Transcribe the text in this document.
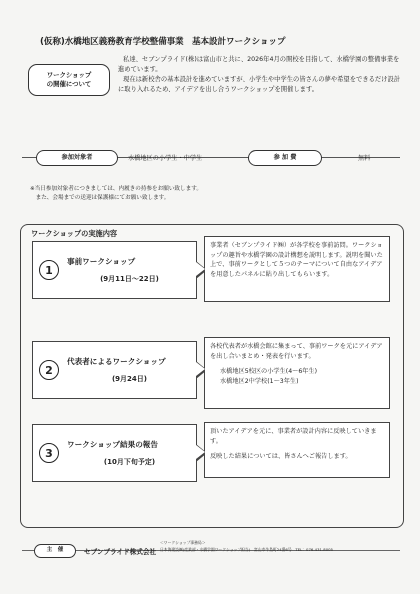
(仮称)水橋地区義務教育学校整備事業　基本設計ワークショップ
ワークショップ
の開催について

私達、セブンプライド(株)は富山市と共に、2026年4月の開校を目指して、水橋学園の整備事業を進めています。

現在は新校舎の基本設計を進めていますが、小学生や中学生の皆さんの夢や希望をできるだけ設計に取り入れるため、アイデアを出し合うワークショップを開催します。

参加対象者	水橋地区の小学生・中学生	参 加 費	無料
※当日参加対象者につきましては、内履きの持参をお願い致します。
　また、会場までの送迎は保護様にてお願い致します。
ワークショップの実施内容
1
事前ワークショップ
(9月11日～22日)

事業者（セブンプライド㈱）が各学校を事前訪問。ワークショップの趣旨や水橋学園の設計構想を説明します。説明を聞いた上で、事前ワークとして５つのテーマについて自由なアイデアを用意したパネルに貼り出してもらいます。

2
代表者によるワークショップ
(9月24日)

各校代表者が水橋会館に集まって、事前ワークを元にアイデアを出し合いまとめ・発表を行います。

水橋地区5校区の小学生(4～6年生)

水橋地区2中学校(1～3年生)

3
ワークショップ結果の報告
(10月下旬予定)

頂いたアイデアを元に、事業者が設計内容に反映していきます。

反映した結果については、皆さんへご報告します。

主　催	セブンプライド株式会社
＜ワークショップ事務局＞
日本海建設㈱(産業部・水橋学園ワークショップ担当)　富山市牛島町24番6号　TEL：076-431-8005
